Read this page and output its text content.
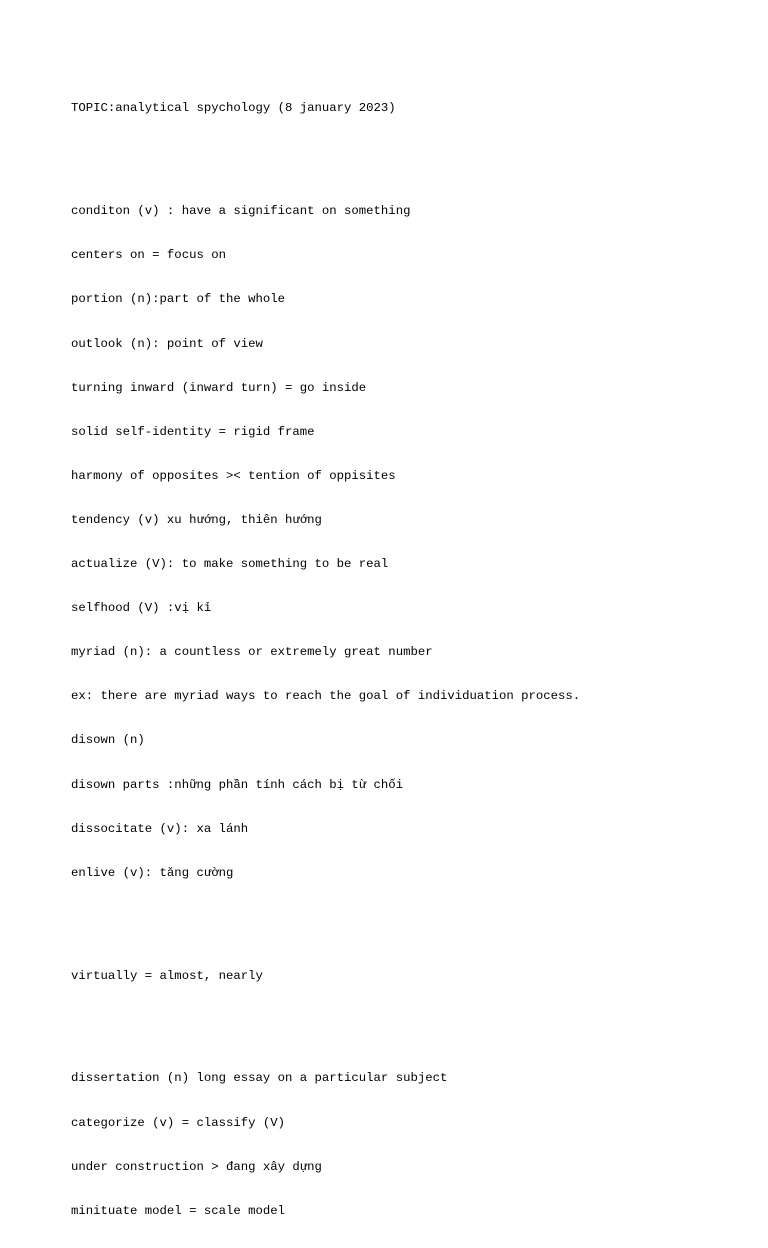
TOPIC:analytical spychology (8 january 2023)

conditon (v) : have a significant on something

centers on = focus on

portion (n):part of the whole

outlook (n): point of view

turning inward (inward turn) = go inside

solid self-identity = rigid frame

harmony of opposites >< tention of oppisites

tendency (v) xu hướng, thiên hướng

actualize (V): to make something to be real

selfhood (V) :vị kỉ

myriad (n): a countless or extremely great number

ex: there are myriad ways to reach the goal of individuation process.

disown (n)

disown parts :những phần tính cách bị từ chối

dissocitate (v): xa lánh

enlive (v): tăng cường

virtually = almost, nearly

dissertation (n) long essay on a particular subject

categorize (v) = classify (V)

under construction > đang xây dựng

minituate model = scale model
